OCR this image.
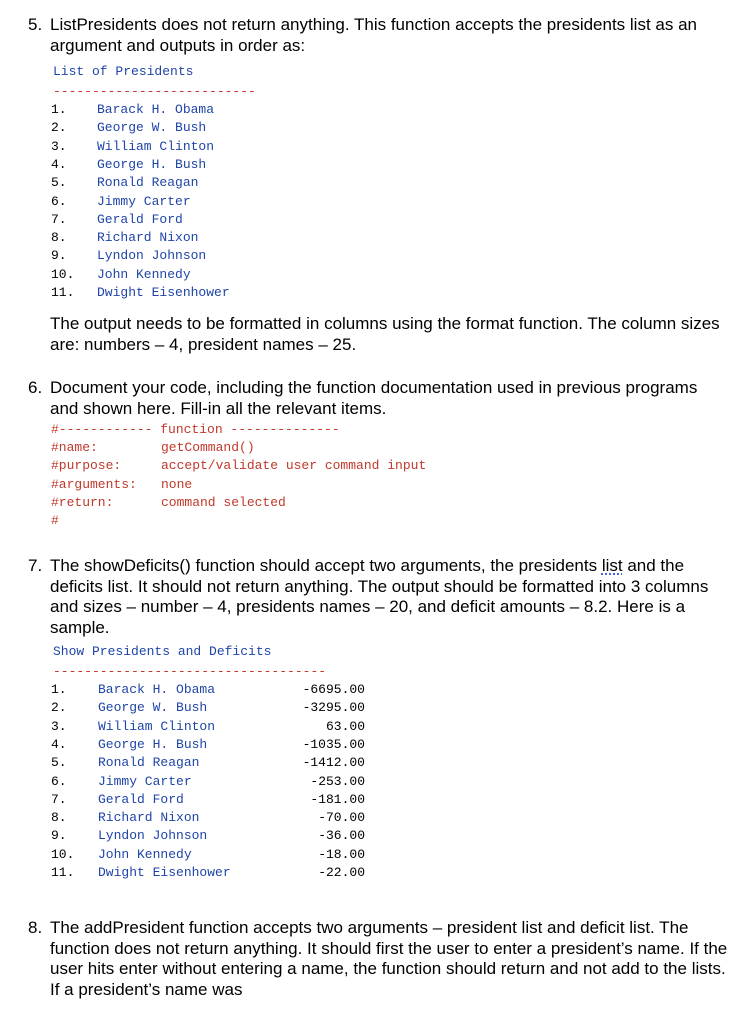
5. ListPresidents does not return anything. This function accepts the presidents list as an argument and outputs in order as:
List of Presidents
--------------------------
1. Barack H. Obama
2. George W. Bush
3. William Clinton
4. George H. Bush
5. Ronald Reagan
6. Jimmy Carter
7. Gerald Ford
8. Richard Nixon
9. Lyndon Johnson
10. John Kennedy
11. Dwight Eisenhower
The output needs to be formatted in columns using the format function. The column sizes are: numbers – 4, president names – 25.
6. Document your code, including the function documentation used in previous programs and shown here. Fill-in all the relevant items.
#------------ function --------------
#name:	getCommand()
#purpose:	accept/validate user command input
#arguments: none
#return:	command selected
#
7. The showDeficits() function should accept two arguments, the presidents list and the deficits list. It should not return anything. The output should be formatted into 3 columns and sizes – number – 4, presidents names – 20, and deficit amounts – 8.2. Here is a sample.
Show Presidents and Deficits
-----------------------------------
1. Barack H. Obama	-6695.00
2. George W. Bush	-3295.00
3. William Clinton	63.00
4. George H. Bush	-1035.00
5. Ronald Reagan	-1412.00
6. Jimmy Carter	-253.00
7. Gerald Ford	-181.00
8. Richard Nixon	-70.00
9. Lyndon Johnson	-36.00
10. John Kennedy	-18.00
11. Dwight Eisenhower	-22.00
8. The addPresident function accepts two arguments – president list and deficit list. The function does not return anything. It should first the user to enter a president’s name. If the user hits enter without entering a name, the function should return and not add to the lists. If a president’s name was
